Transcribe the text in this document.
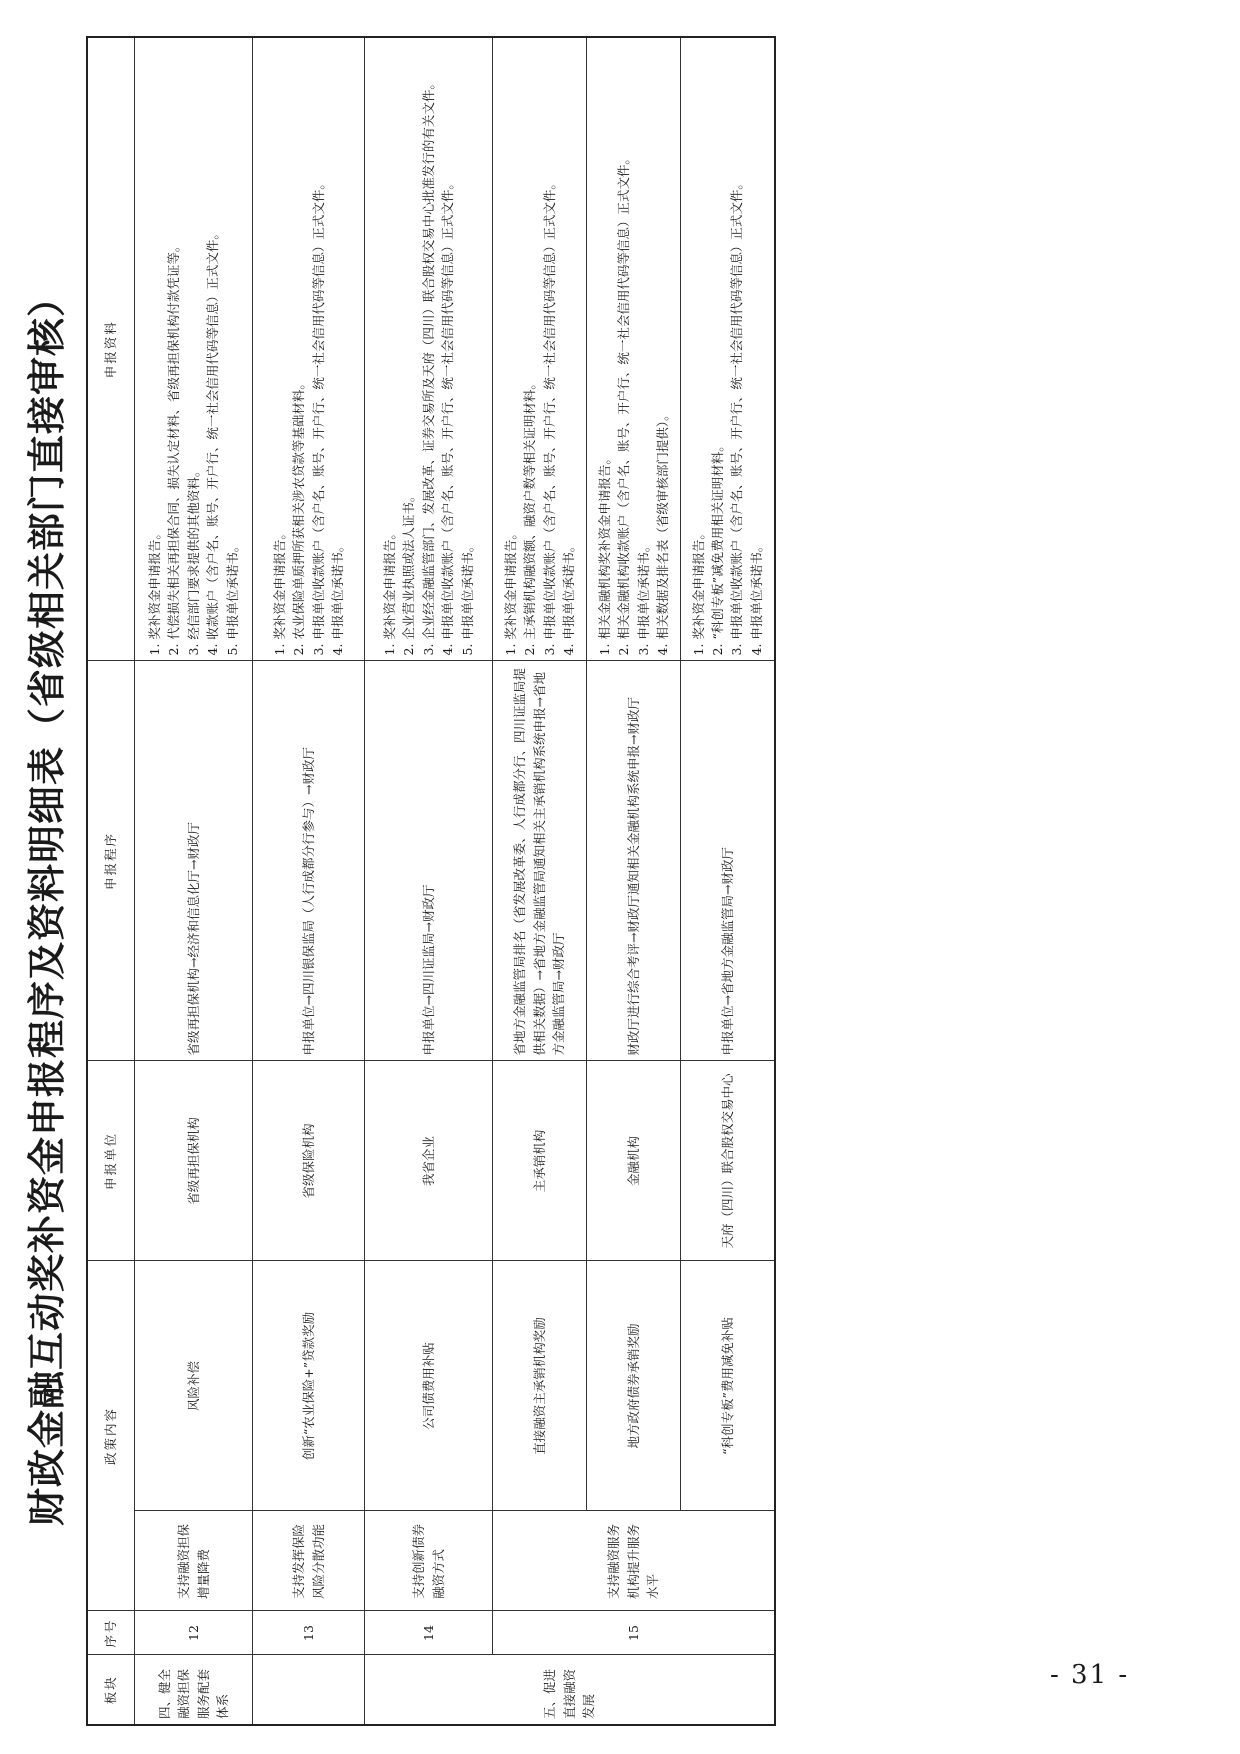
财政金融互动奖补资金申报程序及资料明细表（省级相关部门直接审核）
板块	序号	政策内容		申报单位	申报程序	申报资料
四、健全融资担保服务配套体系	12	支持融资担保增量降费	风险补偿	省级再担保机构	省级再担保机构→经济和信息化厅→财政厅	1. 奖补资金申请报告。 2. 代偿损失相关再担保合同、损失认定材料、省级再担保机构付款凭证等。 3. 经信部门要求提供的其他资料。 4. 收款账户（含户名、账号、开户行、统一社会信用代码等信息）正式文件。 5. 申报单位承诺书。

	13	支持发挥保险风险分散功能	创新“农业保险+”贷款奖励	省级保险机构	申报单位→四川银保监局（人行成都分行参与）→财政厅	1. 奖补资金申请报告。 2. 农业保险单质押所获相关涉农贷款等基础材料。 3. 申报单位收款账户（含户名、账号、开户行、统一社会信用代码等信息）正式文件。 4. 申报单位承诺书。

五、促进直接融资发展	14	支持创新债券融资方式	公司债费用补贴	我省企业	申报单位→四川证监局→财政厅	1. 奖补资金申请报告。 2. 企业营业执照或法人证书。 3. 企业经金融监管部门、发展改革、证券交易所及天府（四川）联合股权交易中心批准发行的有关文件。 4. 申报单位收款账户（含户名、账号、开户行、统一社会信用代码等信息）正式文件。 5. 申报单位承诺书。

	15	支持融资服务机构提升服务水平	直接融资主承销机构奖励	主承销机构	省地方金融监管局排名（省发展改革委、人行成都分行、四川证监局提供相关数据）→省地方金融监管局通知相关主承销机构系统申报→省地方金融监管局→财政厅	1. 奖补资金申请报告。 2. 主承销机构融资额、融资户数等相关证明材料。 3. 申报单位收款账户（含户名、账号、开户行、统一社会信用代码等信息）正式文件。 4. 申报单位承诺书。

			地方政府债券承销奖励	金融机构	财政厅进行综合考评→财政厅通知相关金融机构系统申报→财政厅	1. 相关金融机构奖补资金申请报告。 2. 相关金融机构收款账户（含户名、账号、开户行、统一社会信用代码等信息）正式文件。 3. 申报单位承诺书。 4. 相关数据及排名表（省级审核部门提供）。

			“科创专板”费用减免补贴	天府（四川）联合股权交易中心	申报单位→省地方金融监管局→财政厅	1. 奖补资金申请报告。 2. “科创专板”减免费用相关证明材料。 3. 申报单位收款账户（含户名、账号、开户行、统一社会信用代码等信息）正式文件。 4. 申报单位承诺书。
- 31 -
